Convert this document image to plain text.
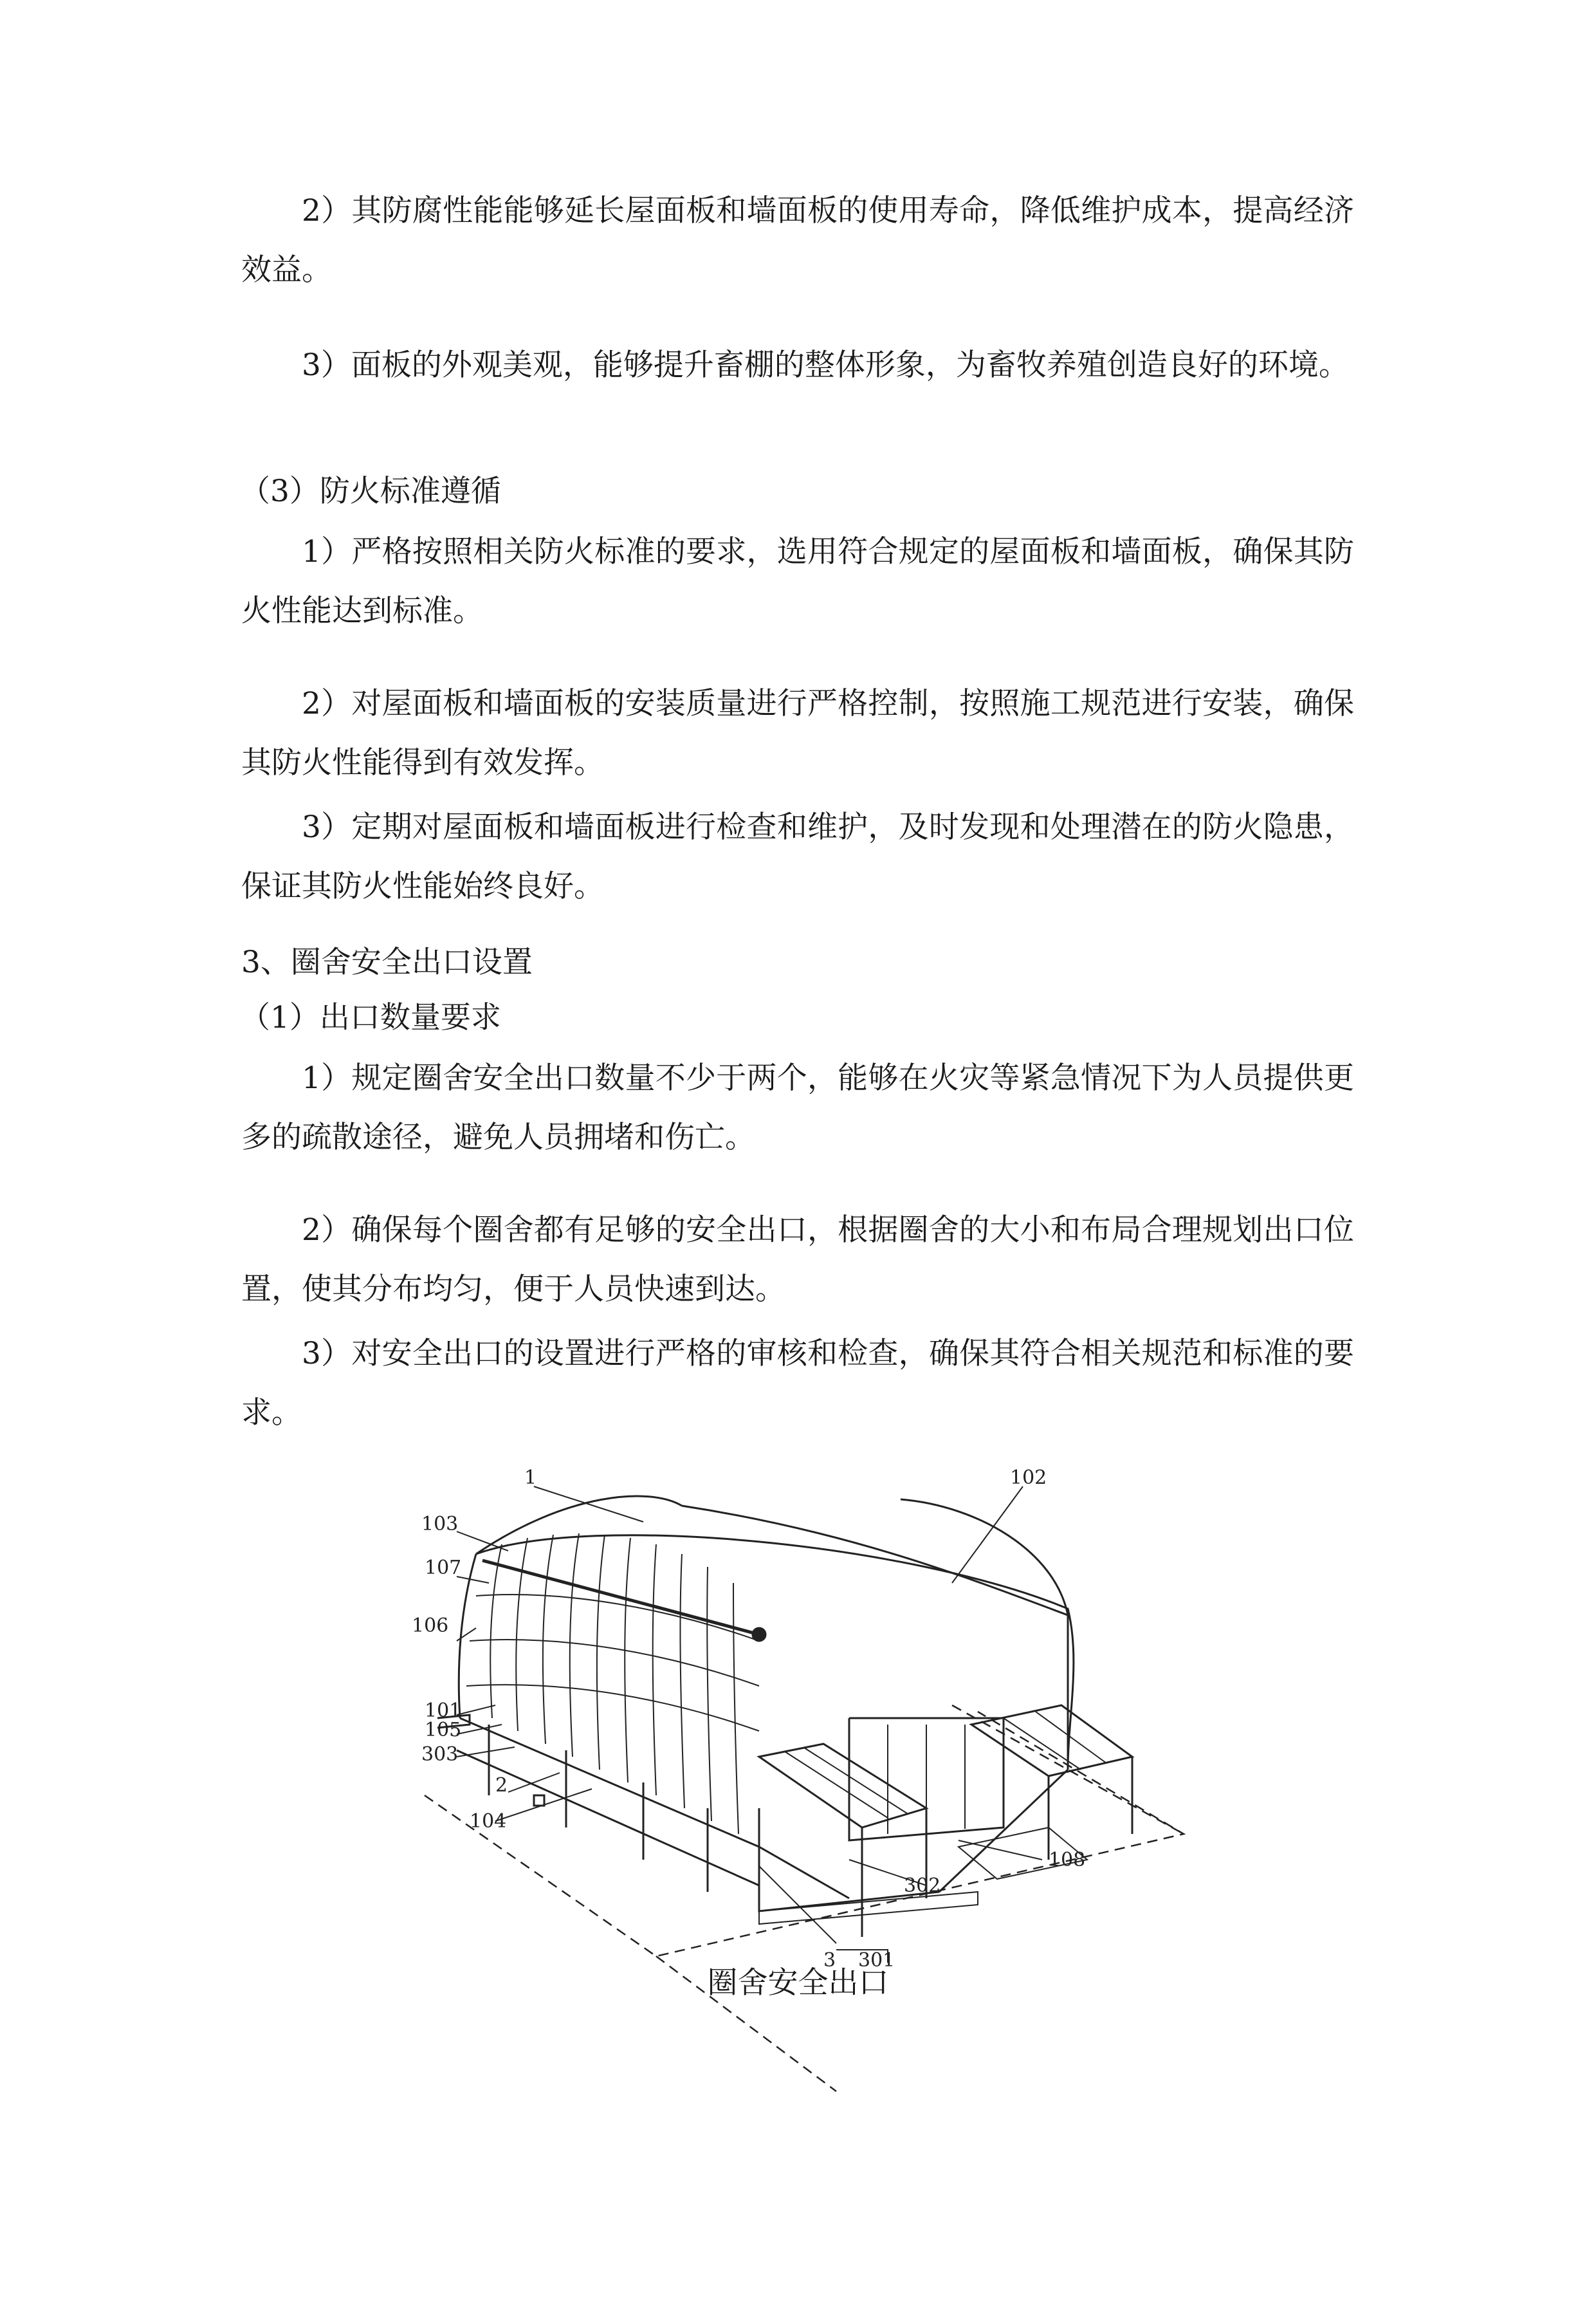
2）其防腐性能能够延长屋面板和墙面板的使用寿命，降低维护成本，提高经济效益。

3）面板的外观美观，能够提升畜棚的整体形象，为畜牧养殖创造良好的环境。

（3）防火标准遵循

1）严格按照相关防火标准的要求，选用符合规定的屋面板和墙面板，确保其防火性能达到标准。

2）对屋面板和墙面板的安装质量进行严格控制，按照施工规范进行安装，确保其防火性能得到有效发挥。

3）定期对屋面板和墙面板进行检查和维护，及时发现和处理潜在的防火隐患，保证其防火性能始终良好。

3、圈舍安全出口设置

（1）出口数量要求

1）规定圈舍安全出口数量不少于两个，能够在火灾等紧急情况下为人员提供更多的疏散途径，避免人员拥堵和伤亡。

2）确保每个圈舍都有足够的安全出口，根据圈舍的大小和布局合理规划出口位置，使其分布均匀，便于人员快速到达。

3）对安全出口的设置进行严格的审核和检查，确保其符合相关规范和标准的要求。

1
103
107
106
101
105
303
2
104
102
108
302
3 301

圈舍安全出口
